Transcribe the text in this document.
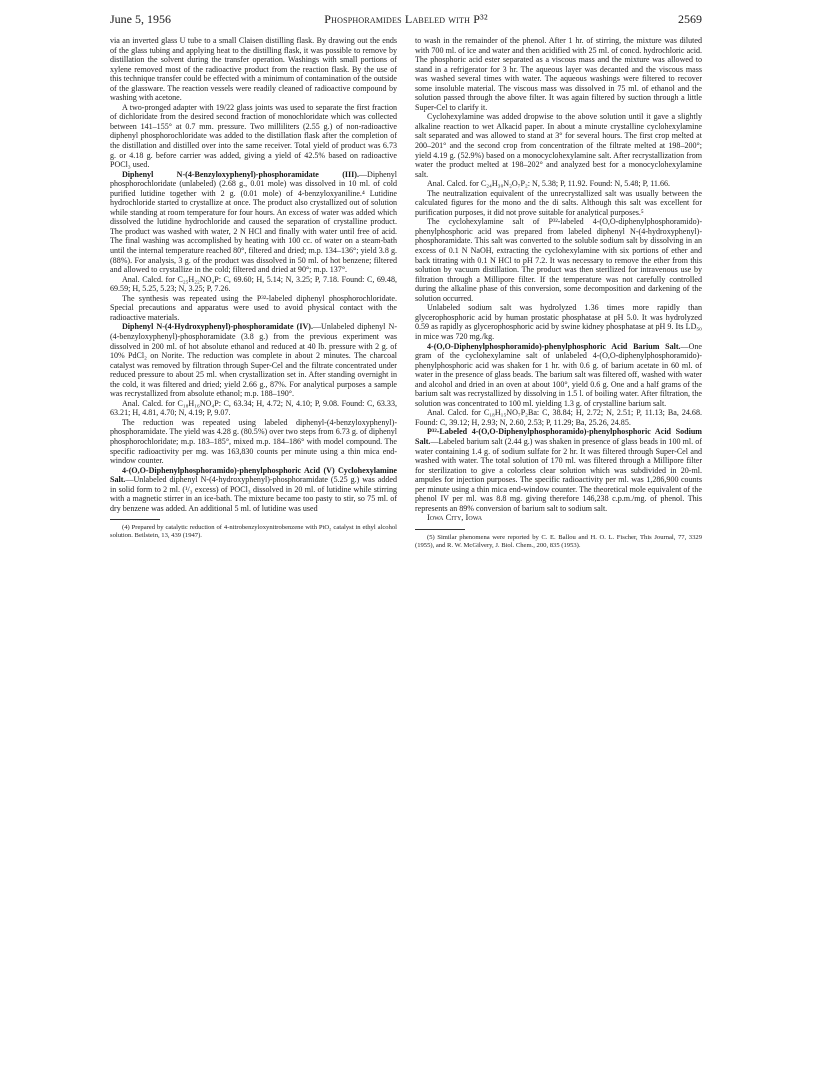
June 5, 1956	Phosphoramides Labeled with P³²	2569

via an inverted glass U tube to a small Claisen distilling flask. By drawing out the ends of the glass tubing and applying heat to the distilling flask, it was possible to remove by distillation the solvent during the transfer operation. Washings with small portions of xylene removed most of the radioactive product from the reaction flask. By the use of this technique transfer could be effected with a minimum of contamination of the outside of the glassware. The reaction vessels were readily cleaned of radioactive compound by washing with acetone.

A two-pronged adapter with 19/22 glass joints was used to separate the first fraction of dichloridate from the desired second fraction of monochloridate which was collected between 141–155° at 0.7 mm. pressure. Two milliliters (2.55 g.) of non-radioactive diphenyl phosphorochloridate was added to the distillation flask after the completion of the distillation and distilled over into the same receiver. Total yield of product was 6.73 g. or 4.18 g. before carrier was added, giving a yield of 42.5% based on radioactive POCl₃ used.

Diphenyl N-(4-Benzyloxyphenyl)-phosphoramidate (III).—Diphenyl phosphorochloridate (unlabeled) (2.68 g., 0.01 mole) was dissolved in 10 ml. of cold purified lutidine together with 2 g. (0.01 mole) of 4-benzyloxyaniline.⁴ Lutidine hydrochloride started to crystallize at once. The product also crystallized out of solution while standing at room temperature for four hours. An excess of water was added which dissolved the lutidine hydrochloride and caused the separation of crystalline product. The product was washed with water, 2 N HCl and finally with water until free of acid. The final washing was accomplished by heating with 100 cc. of water on a steam-bath until the internal temperature reached 80°, filtered and dried; m.p. 134–136°; yield 3.8 g. (88%). For analysis, 3 g. of the product was dissolved in 50 ml. of hot benzene; filtered and allowed to crystallize in the cold; filtered and dried at 90°; m.p. 137°.

Anal. Calcd. for C₂₅H₂₂NO₄P: C, 69.60; H, 5.14; N, 3.25; P, 7.18. Found: C, 69.48, 69.59; H, 5.25, 5.23; N, 3.25; P, 7.26.

The synthesis was repeated using the P³²-labeled diphenyl phosphorochloridate. Special precautions and apparatus were used to avoid physical contact with the radioactive materials.

Diphenyl N-(4-Hydroxyphenyl)-phosphoramidate (IV).—Unlabeled diphenyl N-(4-benzyloxyphenyl)-phosphoramidate (3.8 g.) from the previous experiment was dissolved in 200 ml. of hot absolute ethanol and reduced at 40 lb. pressure with 2 g. of 10% PdCl₂ on Norite. The reduction was complete in about 2 minutes. The charcoal catalyst was removed by filtration through Super-Cel and the filtrate concentrated under reduced pressure to about 25 ml. when crystallization set in. After standing overnight in the cold, it was filtered and dried; yield 2.66 g., 87%. For analytical purposes a sample was recrystallized from absolute ethanol; m.p. 188–190°.

Anal. Calcd. for C₁₈H₁₆NO₄P: C, 63.34; H, 4.72; N, 4.10; P, 9.08. Found: C, 63.33, 63.21; H, 4.81, 4.70; N, 4.19; P, 9.07.

The reduction was repeated using labeled diphenyl-(4-benzyloxyphenyl)-phosphoramidate. The yield was 4.28 g. (80.5%) over two steps from 6.73 g. of diphenyl phosphorochloridate; m.p. 183–185°, mixed m.p. 184–186° with model compound. The specific radioactivity per mg. was 163,830 counts per minute using a thin mica end-window counter.

4-(O,O-Diphenylphosphoramido)-phenylphosphoric Acid (V) Cyclohexylamine Salt.—Unlabeled diphenyl N-(4-hydroxyphenyl)-phosphoramidate (5.25 g.) was added in solid form to 2 ml. (¹/₃ excess) of POCl₃ dissolved in 20 ml. of lutidine while stirring with a magnetic stirrer in an ice-bath. The mixture became too pasty to stir, so 75 ml. of dry benzene was added. An additional 5 ml. of lutidine was used

(4) Prepared by catalytic reduction of 4-nitrobenzyloxynitrobenzene with PtO₂ catalyst in ethyl alcohol solution. Beilstein, 13, 439 (1947).

to wash in the remainder of the phenol. After 1 hr. of stirring, the mixture was diluted with 700 ml. of ice and water and then acidified with 25 ml. of concd. hydrochloric acid. The phosphoric acid ester separated as a viscous mass and the mixture was allowed to stand in a refrigerator for 3 hr. The aqueous layer was decanted and the viscous mass was washed several times with water. The aqueous washings were filtered to recover some insoluble material. The viscous mass was dissolved in 75 ml. of ethanol and the solution passed through the above filter. It was again filtered by suction through a little Super-Cel to clarify it.

Cyclohexylamine was added dropwise to the above solution until it gave a slightly alkaline reaction to wet Alkacid paper. In about a minute crystalline cyclohexylamine salt separated and was allowed to stand at 3° for several hours. The first crop melted at 200–201° and the second crop from concentration of the filtrate melted at 198–200°; yield 4.19 g. (52.9%) based on a monocyclohexylamine salt. After recrystallization from water the product melted at 198–202° and analyzed best for a monocyclohexylamine salt.

Anal. Calcd. for C₂₄H₃₀N₂O₇P₂: N, 5.38; P, 11.92. Found: N, 5.48; P, 11.66.

The neutralization equivalent of the unrecrystallized salt was usually between the calculated figures for the mono and the di salts. Although this salt was excellent for purification purposes, it did not prove suitable for analytical purposes.⁵

The cyclohexylamine salt of P³²-labeled 4-(O,O-diphenylphosphoramido)-phenylphosphoric acid was prepared from labeled diphenyl N-(4-hydroxyphenyl)-phosphoramidate. This salt was converted to the soluble sodium salt by dissolving in an excess of 0.1 N NaOH, extracting the cyclohexylamine with six portions of ether and back titrating with 0.1 N HCl to pH 7.2. It was necessary to remove the ether from this solution by vacuum distillation. The product was then sterilized for intravenous use by filtration through a Millipore filter. If the temperature was not carefully controlled during the alkaline phase of this conversion, some decomposition and darkening of the solution occurred.

Unlabeled sodium salt was hydrolyzed 1.36 times more rapidly than glycerophosphoric acid by human prostatic phosphatase at pH 5.0. It was hydrolyzed 0.59 as rapidly as glycerophosphoric acid by swine kidney phosphatase at pH 9. Its LD₅₀ in mice was 720 mg./kg.

4-(O,O-Diphenylphosphoramido)-phenylphosphoric Acid Barium Salt.—One gram of the cyclohexylamine salt of unlabeled 4-(O,O-diphenylphosphoramido)-phenylphosphoric acid was shaken for 1 hr. with 0.6 g. of barium acetate in 60 ml. of water in the presence of glass beads. The barium salt was filtered off, washed with water and alcohol and dried in an oven at about 100°, yield 0.6 g. One and a half grams of the barium salt was recrystallized by dissolving in 1.5 l. of boiling water. After filtration, the solution was concentrated to 100 ml. yielding 1.3 g. of crystalline barium salt.

Anal. Calcd. for C₁₈H₁₅NO₇P₂Ba: C, 38.84; H, 2.72; N, 2.51; P, 11.13; Ba, 24.68. Found: C, 39.12; H, 2.93; N, 2.60, 2.53; P, 11.29; Ba, 25.26, 24.85.

P³²-Labeled 4-(O,O-Diphenylphosphoramido)-phenylphosphoric Acid Sodium Salt.—Labeled barium salt (2.44 g.) was shaken in presence of glass beads in 100 ml. of water containing 1.4 g. of sodium sulfate for 2 hr. It was filtered through Super-Cel and washed with water. The total solution of 170 ml. was filtered through a Millipore filter for sterilization to give a colorless clear solution which was subdivided in 20-ml. ampules for injection purposes. The specific radioactivity per ml. was 1,286,900 counts per minute using a thin mica end-window counter. The theoretical mole equivalent of the phenol IV per ml. was 8.8 mg. giving therefore 146,238 c.p.m./mg. of phenol. This represents an 89% conversion of barium salt to sodium salt.

Iowa City, Iowa

(5) Similar phenomena were reported by C. E. Ballou and H. O. L. Fischer, This Journal, 77, 3329 (1955), and R. W. McGilvery, J. Biol. Chem., 200, 835 (1953).
